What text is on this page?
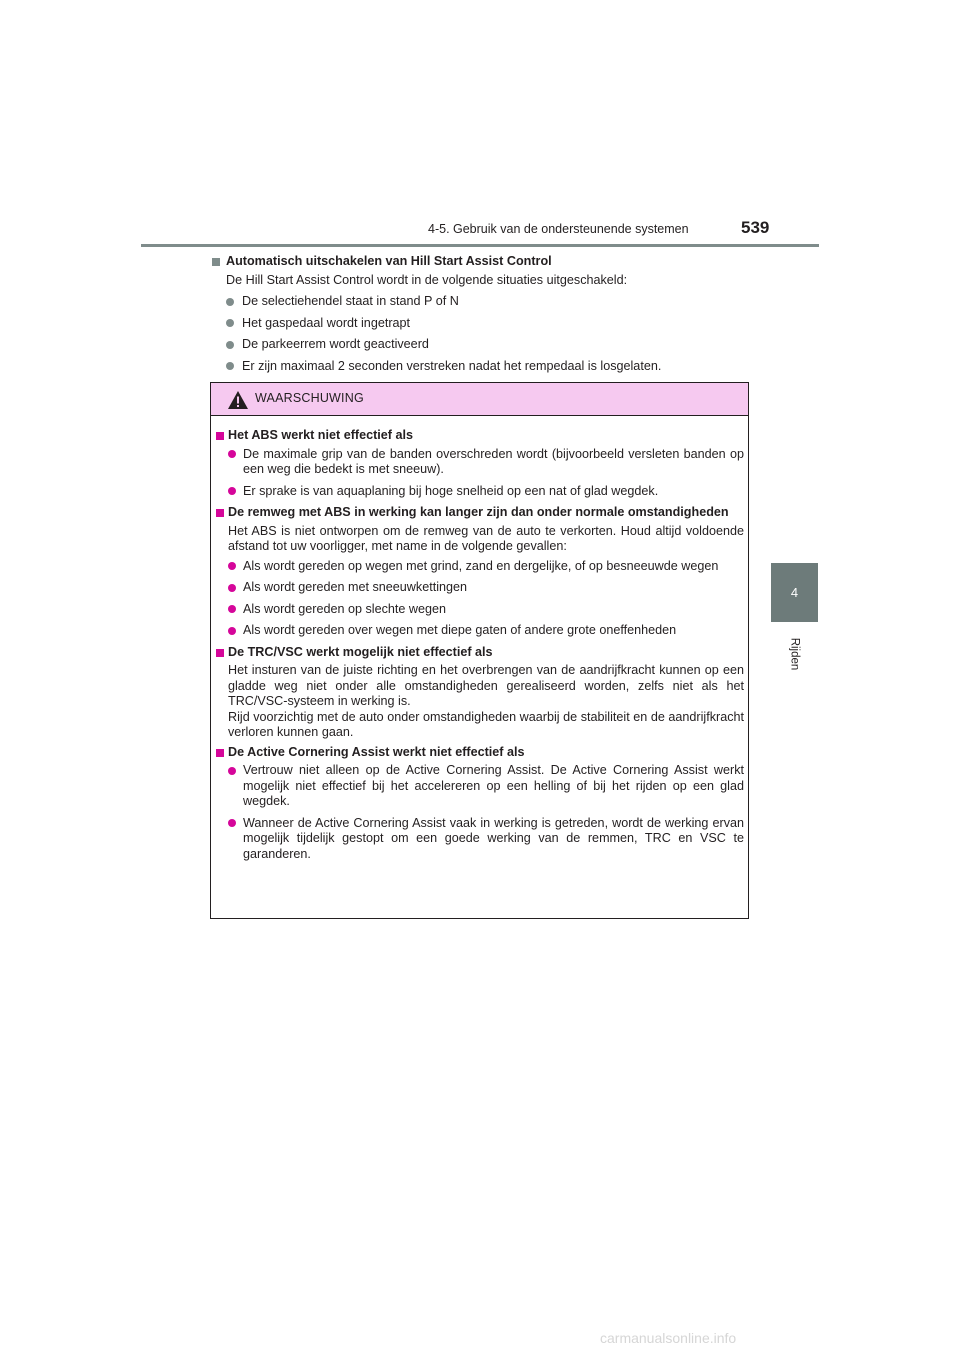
4-5. Gebruik van de ondersteunende systemen	539
4
Rijden
Automatisch uitschakelen van Hill Start Assist Control
De Hill Start Assist Control wordt in de volgende situaties uitgeschakeld:
De selectiehendel staat in stand P of N
Het gaspedaal wordt ingetrapt
De parkeerrem wordt geactiveerd
Er zijn maximaal 2 seconden verstreken nadat het rempedaal is losgelaten.
WAARSCHUWING
Het ABS werkt niet effectief als
De maximale grip van de banden overschreden wordt (bijvoorbeeld versleten banden op een weg die bedekt is met sneeuw).
Er sprake is van aquaplaning bij hoge snelheid op een nat of glad wegdek.
De remweg met ABS in werking kan langer zijn dan onder normale omstandigheden
Het ABS is niet ontworpen om de remweg van de auto te verkorten. Houd altijd voldoende afstand tot uw voorligger, met name in de volgende gevallen:
Als wordt gereden op wegen met grind, zand en dergelijke, of op besneeuwde wegen
Als wordt gereden met sneeuwkettingen
Als wordt gereden op slechte wegen
Als wordt gereden over wegen met diepe gaten of andere grote oneffenheden
De TRC/VSC werkt mogelijk niet effectief als
Het insturen van de juiste richting en het overbrengen van de aandrijfkracht kunnen op een gladde weg niet onder alle omstandigheden gerealiseerd worden, zelfs niet als het TRC/VSC-systeem in werking is.
Rijd voorzichtig met de auto onder omstandigheden waarbij de stabiliteit en de aandrijfkracht verloren kunnen gaan.
De Active Cornering Assist werkt niet effectief als
Vertrouw niet alleen op de Active Cornering Assist. De Active Cornering Assist werkt mogelijk niet effectief bij het accelereren op een helling of bij het rijden op een glad wegdek.
Wanneer de Active Cornering Assist vaak in werking is getreden, wordt de werking ervan mogelijk tijdelijk gestopt om een goede werking van de remmen, TRC en VSC te garanderen.
carmanualsonline.info
